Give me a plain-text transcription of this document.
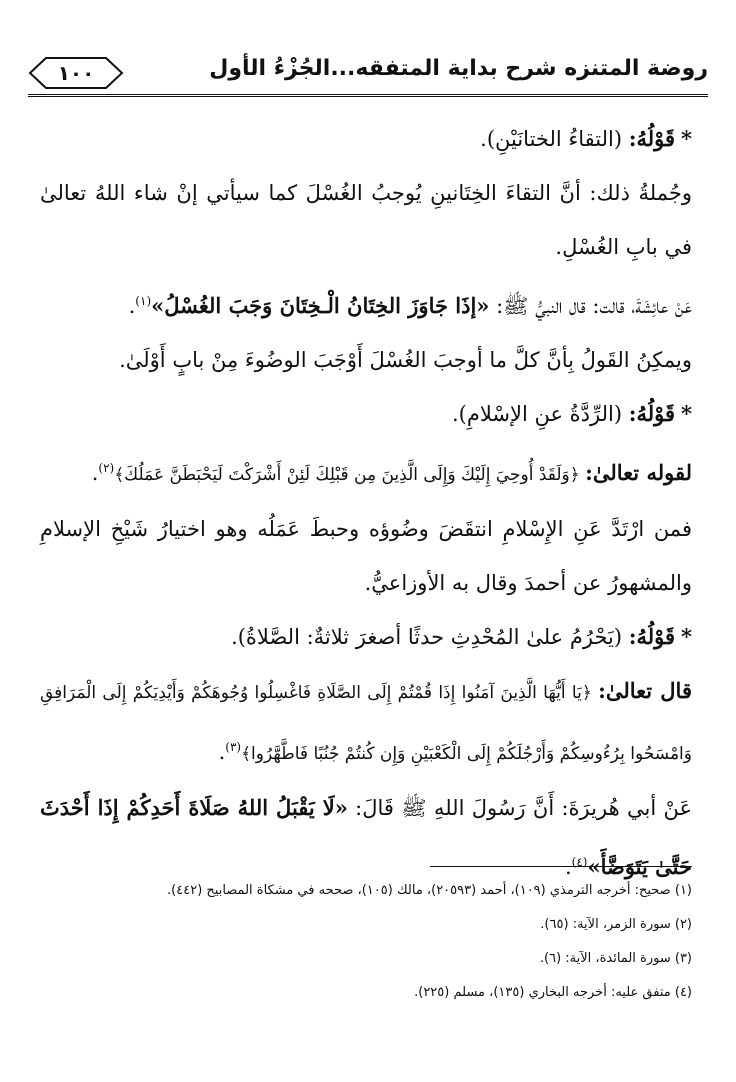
روضة المتنزه شرح بداية المتفقه...الجُزْءُ الأول
١٠٠

*قَوْلُهُ: (التقاءُ الختانَيْنِ).

وجُملةُ ذلك: أنَّ التقاءَ الخِتَانينِ يُوجبُ الغُسْلَ كما سيأتي إنْ شاء اللهُ تعالىٰ في بابِ الغُسْلِ.

عَنْ عائِشَةَ، قالت: قال النبيُّ ﷺ: «إذَا جَاوَزَ الخِتَانُ الْـخِتَانَ وَجَبَ الغُسْلُ»$^{(١)}$.

ويمكِنُ القَولُ بِأنَّ كلَّ ما أوجبَ الغُسْلَ أَوْجَبَ الوضُوءَ مِنْ بابٍ أَوْلَىٰ.

*قَوْلُهُ: (الرِّدَّةُ عنِ الإسْلامِ).

لقوله تعالىٰ: ﴿وَلَقَدْ أُوحِيَ إِلَيْكَ وَإِلَى الَّذِينَ مِن قَبْلِكَ لَئِنْ أَشْرَكْتَ لَيَحْبَطَنَّ عَمَلُكَ﴾$^{(٢)}$.

فمن ارْتَدَّ عَنِ الإِسْلامِ انتقَضَ وضُوؤه وحبطَ عَمَلُه وهو اختيارُ شَيْخِ الإسلامِ والمشهورُ عن أحمدَ وقال به الأوزاعيُّ.

*قَوْلُهُ: (يَحْرُمُ علىٰ المُحْدِثِ حدثًا أصغرَ ثلاثةٌ: الصَّلاةُ).

قال تعالىٰ: ﴿يَا أَيُّهَا الَّذِينَ آمَنُوا إِذَا قُمْتُمْ إِلَى الصَّلَاةِ فَاغْسِلُوا وُجُوهَكُمْ وَأَيْدِيَكُمْ إِلَى الْمَرَافِقِ وَامْسَحُوا بِرُءُوسِكُمْ وَأَرْجُلَكُمْ إِلَى الْكَعْبَيْنِ وَإِن كُنتُمْ جُنُبًا فَاطَّهَّرُوا﴾$^{(٣)}$.

عَنْ أبي هُريرَةَ: أَنَّ رَسُولَ اللهِ ﷺ قَالَ: «لَا يَقْبَلُ اللهُ صَلَاةَ أَحَدِكُمْ إِذَا أَحْدَثَ حَتَّىٰ يَتَوَضَّأَ»$^{(٤)}$.

(١) صحيح: أخرجه الترمذي (١٠٩)، أحمد (٢٠٥٩٣)، مالك (١٠٥)، صححه في مشكاة المصابيح (٤٤٢).

(٢) سورة الزمر، الآية: (٦٥).

(٣) سورة المائدة، الآية: (٦).

(٤) متفق عليه: أخرجه البخاري (١٣٥)، مسلم (٢٢٥).
